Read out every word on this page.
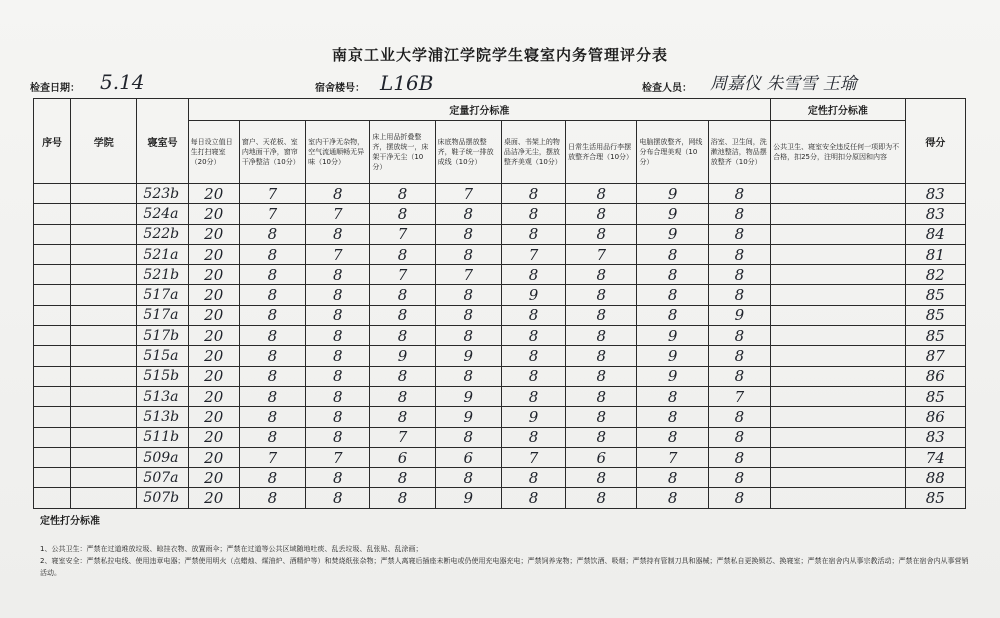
南京工业大学浦江学院学生寝室内务管理评分表
检查日期： 5.14	宿舍楼号： L16B	检查人员： 周嘉仪 朱雪雪 王瑜
序号	学院	寝室号	定量打分标准									定性打分标准	得分
			每日设立值日生打扫寝室（20分）	窗户、天花板、室内地面干净，窗帘干净整洁（10分）	室内干净无杂物，空气流通顺畅无异味（10分）	床上用品折叠整齐，摆放统一，床架干净无尘（10分）	床底物品摆放整齐，鞋子统一排放成线（10分）	桌面、书架上的物品洁净无尘，摆放整齐美观（10分）	日常生活用品行李摆放整齐合理（10分）	电脑摆放整齐，网线分布合理美观（10分）	浴室、卫生间，洗漱池整洁，物品摆放整齐（10分）	公共卫生、寝室安全违反任何一项即为不合格，扣25分，注明扣分原因和内容	
		523b	20	7	8	8	7	8	8	9	8		83
		524a	20	7	7	8	8	8	8	9	8		83
		522b	20	8	8	7	8	8	8	9	8		84
		521a	20	8	7	8	8	7	7	8	8		81
		521b	20	8	8	7	7	8	8	8	8		82
		517a	20	8	8	8	8	9	8	8	8		85
		517a	20	8	8	8	8	8	8	8	9		85
		517b	20	8	8	8	8	8	8	9	8		85
		515a	20	8	8	9	9	8	8	9	8		87
		515b	20	8	8	8	8	8	8	9	8		86
		513a	20	8	8	8	9	8	8	8	7		85
		513b	20	8	8	8	9	9	8	8	8		86
		511b	20	8	8	7	8	8	8	8	8		83
		509a	20	7	7	6	6	7	6	7	8		74
		507a	20	8	8	8	8	8	8	8	8		88
		507b	20	8	8	8	9	8	8	8	8		85
定性打分标准
1、公共卫生：严禁在过道堆放垃圾、晾挂衣物、放置雨伞；严禁在过道等公共区域随地吐痰、乱丢垃圾、乱张贴、乱涂画；
2、寝室安全：严禁私拉电线、使用违章电器；严禁使用明火（点蜡烛、煤油炉、酒精炉等）和焚烧纸张杂物；严禁人离寝后插座未断电或仍使用充电器充电；严禁饲养宠物；严禁饮酒、吸烟；严禁持有管制刀具和器械；严禁私自更换锁芯、换寝室；严禁在宿舍内从事宗教活动；严禁在宿舍内从事营销活动。
